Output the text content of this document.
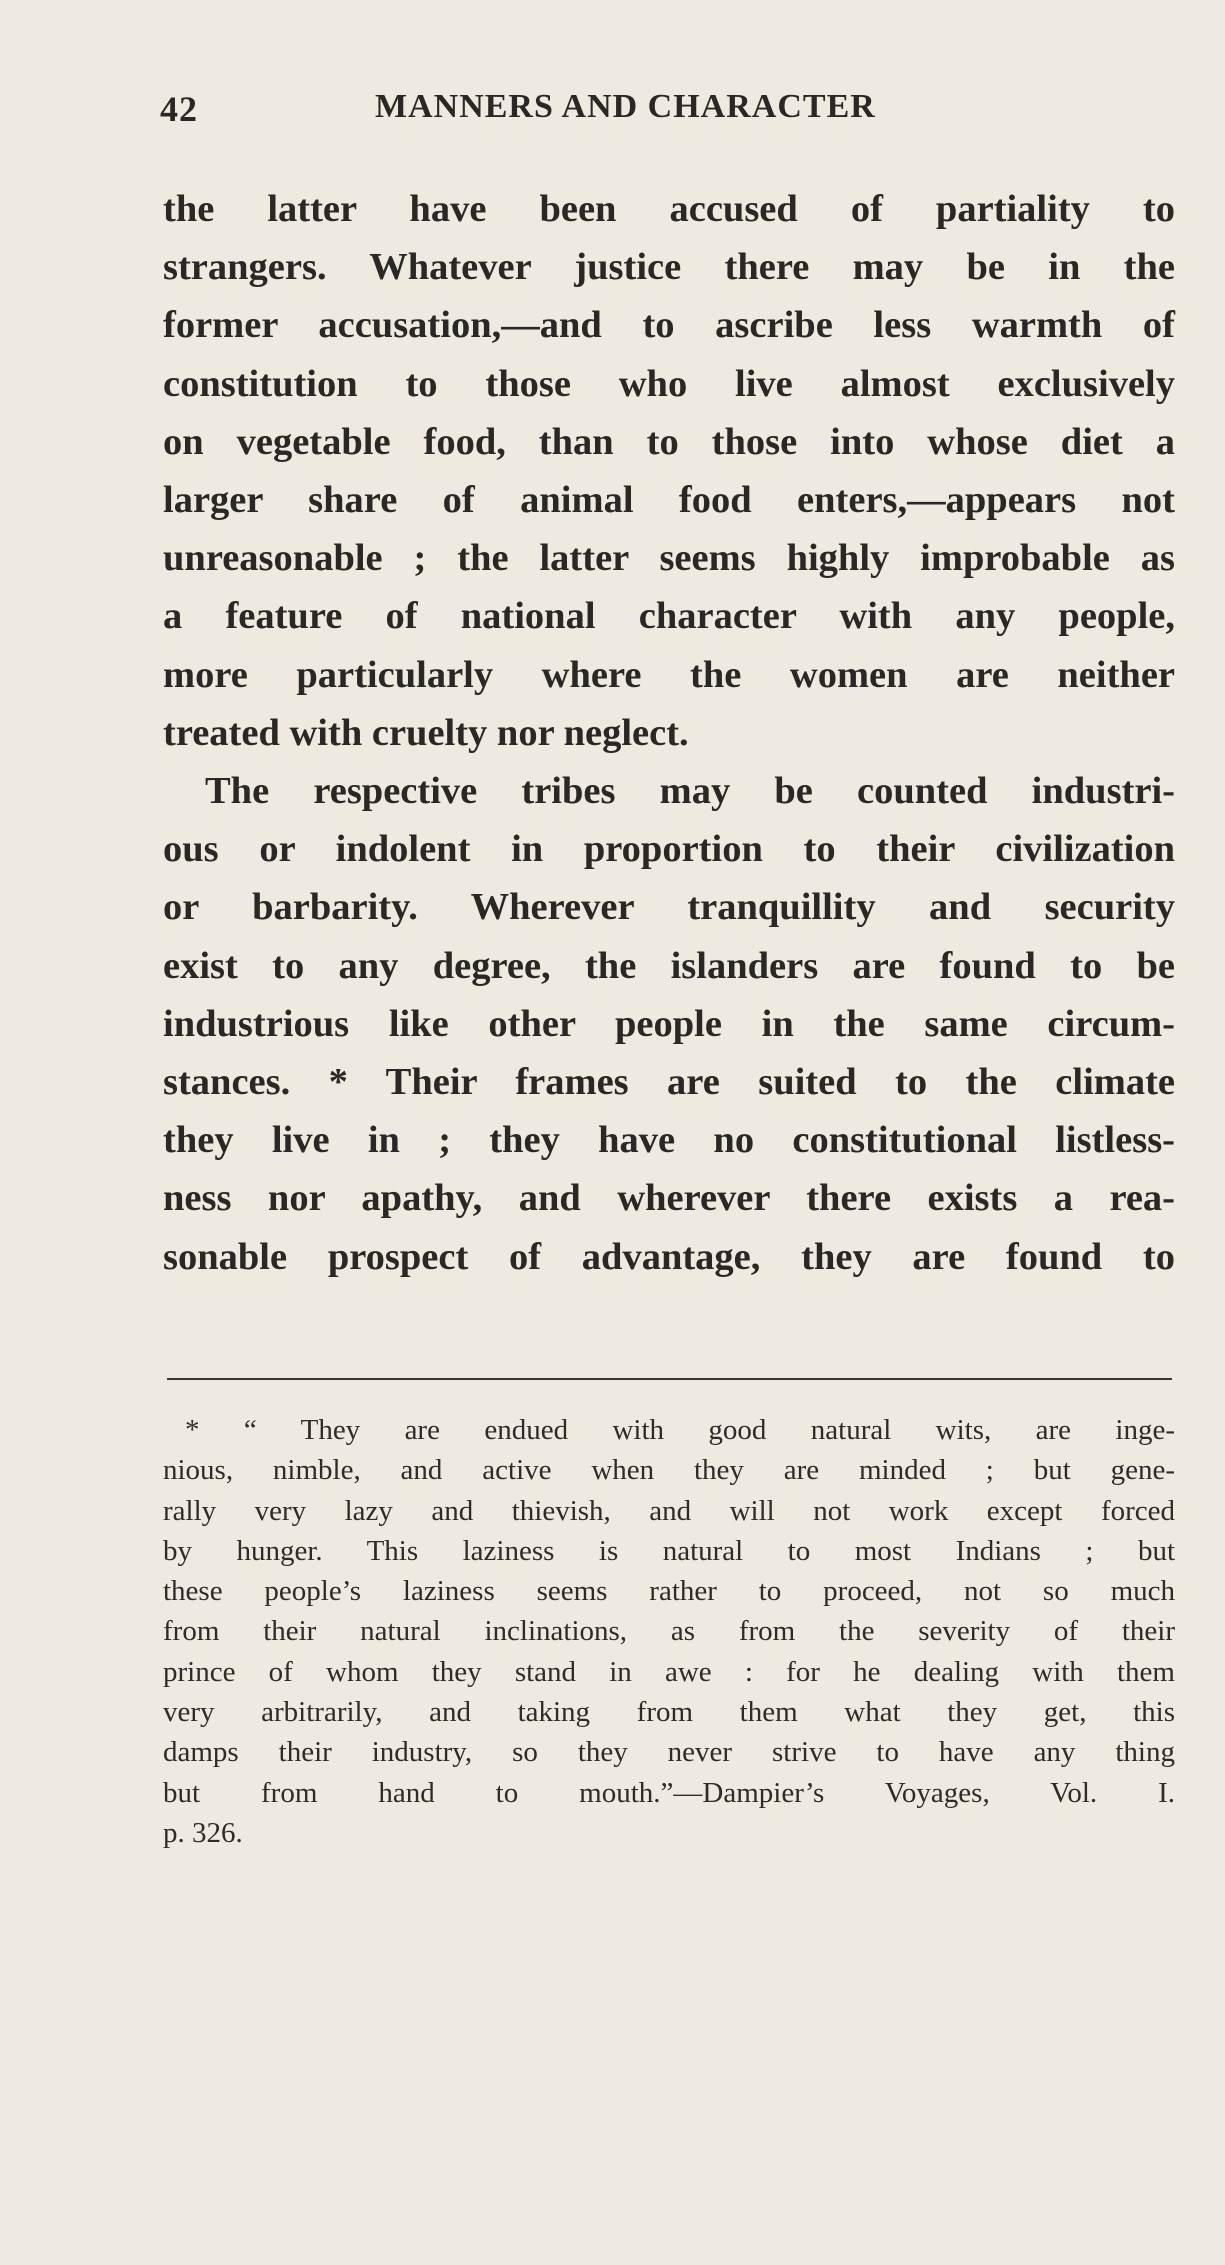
42	MANNERS AND CHARACTER

the latter have been accused of partiality to
strangers. Whatever justice there may be in the
former accusation,—and to ascribe less warmth of
constitution to those who live almost exclusively
on vegetable food, than to those into whose diet a
larger share of animal food enters,—appears not
unreasonable ; the latter seems highly improbable as
a feature of national character with any people,
more particularly where the women are neither
treated with cruelty nor neglect.
The respective tribes may be counted industri-
ous or indolent in proportion to their civilization
or barbarity. Wherever tranquillity and security
exist to any degree, the islanders are found to be
industrious like other people in the same circum-
stances. * Their frames are suited to the climate
they live in ; they have no constitutional listless-
ness nor apathy, and wherever there exists a rea-
sonable prospect of advantage, they are found to

* “ They are endued with good natural wits, are inge-
nious, nimble, and active when they are minded ; but gene-
rally very lazy and thievish, and will not work except forced
by hunger. This laziness is natural to most Indians ; but
these people’s laziness seems rather to proceed, not so much
from their natural inclinations, as from the severity of their
prince of whom they stand in awe : for he dealing with them
very arbitrarily, and taking from them what they get, this
damps their industry, so they never strive to have any thing
but from hand to mouth.”—Dampier’s Voyages, Vol. I.
p. 326.
